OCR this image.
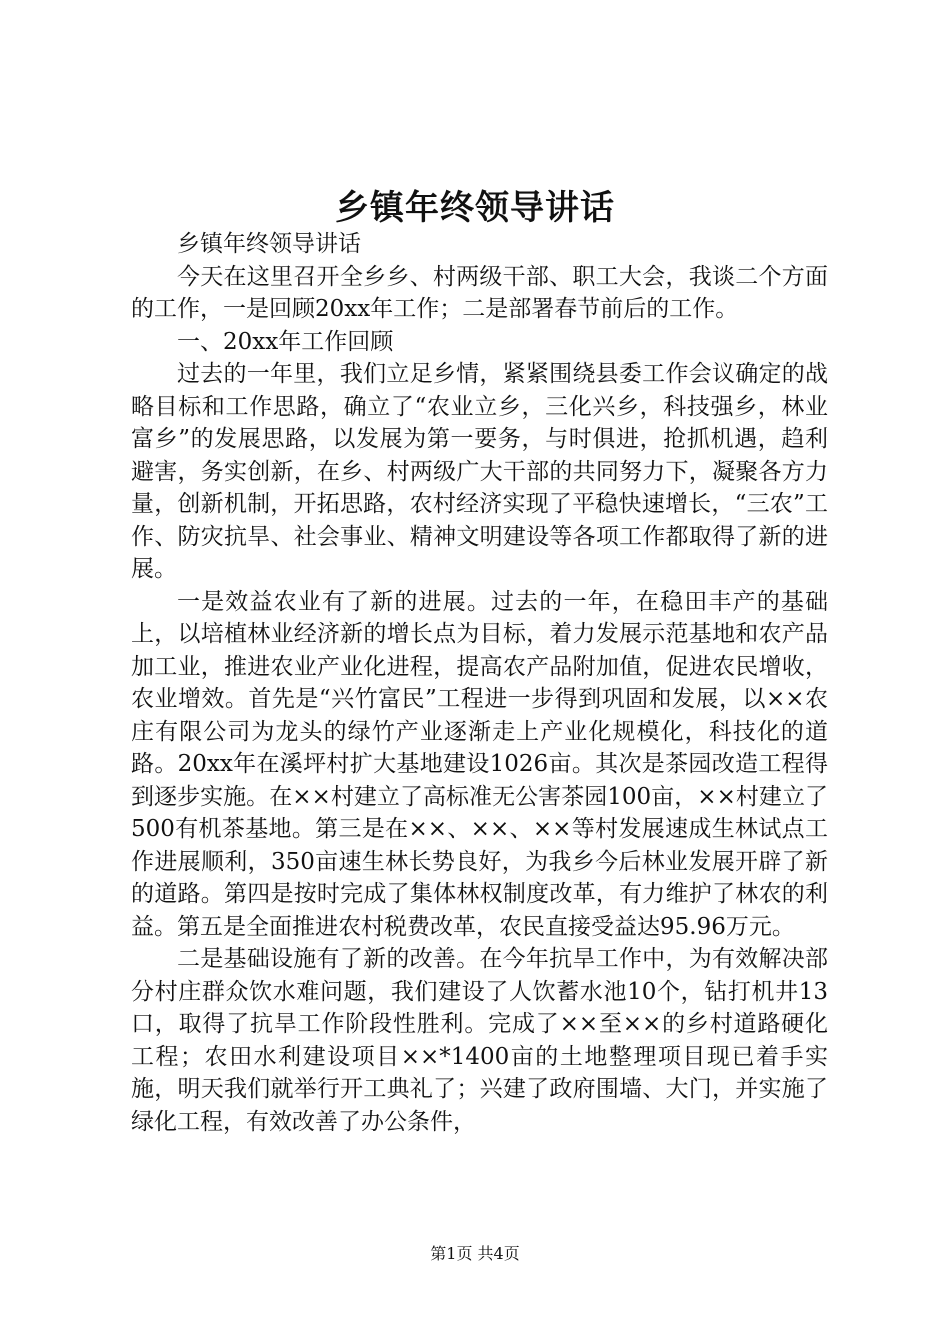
乡镇年终领导讲话

乡镇年终领导讲话

今天在这里召开全乡乡、村两级干部、职工大会，我谈二个方面的工作，一是回顾20xx年工作；二是部署春节前后的工作。

一、20xx年工作回顾

过去的一年里，我们立足乡情，紧紧围绕县委工作会议确定的战略目标和工作思路，确立了“农业立乡，三化兴乡，科技强乡，林业富乡”的发展思路，以发展为第一要务，与时俱进，抢抓机遇，趋利避害，务实创新，在乡、村两级广大干部的共同努力下，凝聚各方力量，创新机制，开拓思路，农村经济实现了平稳快速增长，“三农”工作、防灾抗旱、社会事业、精神文明建设等各项工作都取得了新的进展。

一是效益农业有了新的进展。过去的一年，在稳田丰产的基础上，以培植林业经济新的增长点为目标，着力发展示范基地和农产品加工业，推进农业产业化进程，提高农产品附加值，促进农民增收，农业增效。首先是“兴竹富民”工程进一步得到巩固和发展，以××农庄有限公司为龙头的绿竹产业逐渐走上产业化规模化，科技化的道路。20xx年在溪坪村扩大基地建设1026亩。其次是茶园改造工程得到逐步实施。在××村建立了高标准无公害茶园100亩，××村建立了500有机茶基地。第三是在××、××、××等村发展速成生林试点工作进展顺利，350亩速生林长势良好，为我乡今后林业发展开辟了新的道路。第四是按时完成了集体林权制度改革，有力维护了林农的利益。第五是全面推进农村税费改革，农民直接受益达95.96万元。

二是基础设施有了新的改善。在今年抗旱工作中，为有效解决部分村庄群众饮水难问题，我们建设了人饮蓄水池10个，钻打机井13口，取得了抗旱工作阶段性胜利。完成了××至××的乡村道路硬化工程；农田水利建设项目××*1400亩的土地整理项目现已着手实施，明天我们就举行开工典礼了；兴建了政府围墙、大门，并实施了绿化工程，有效改善了办公条件，

第1页 共4页
